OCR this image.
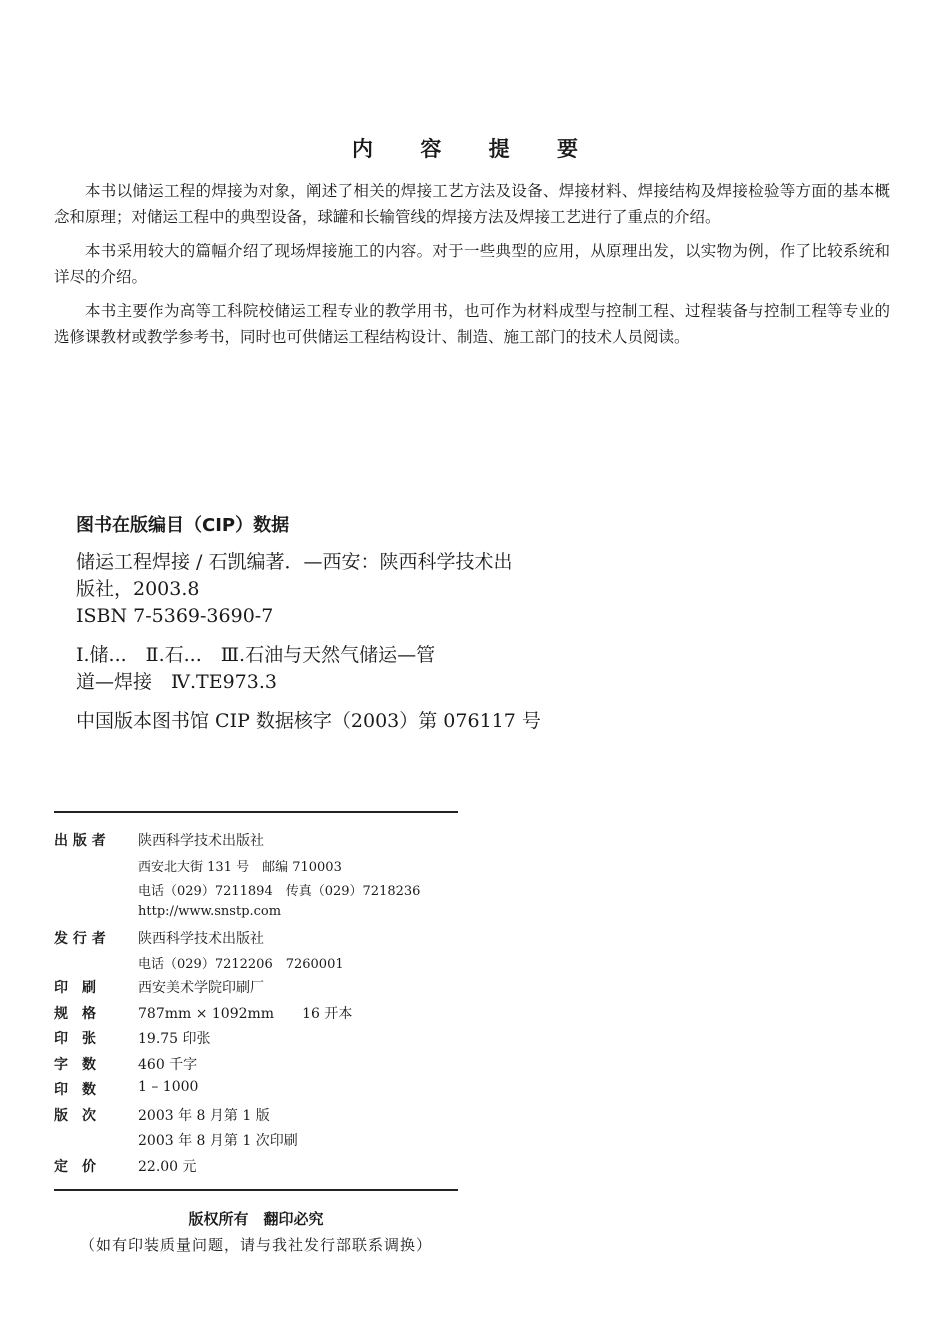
内 容 提 要

本书以储运工程的焊接为对象，阐述了相关的焊接工艺方法及设备、焊接材料、焊接结构及焊接检验等方面的基本概念和原理；对储运工程中的典型设备，球罐和长输管线的焊接方法及焊接工艺进行了重点的介绍。

本书采用较大的篇幅介绍了现场焊接施工的内容。对于一些典型的应用，从原理出发，以实物为例，作了比较系统和详尽的介绍。

本书主要作为高等工科院校储运工程专业的教学用书，也可作为材料成型与控制工程、过程装备与控制工程等专业的选修课教材或教学参考书，同时也可供储运工程结构设计、制造、施工部门的技术人员阅读。

图书在版编目（CIP）数据
储运工程焊接 / 石凯编著．—西安：陕西科学技术出
版社，2003.8
ISBN 7-5369-3690-7
Ⅰ.储...　Ⅱ.石...　Ⅲ.石油与天然气储运—管
道—焊接　Ⅳ.TE973.3
中国版本图书馆 CIP 数据核字（2003）第 076117 号
出 版 者	陕西科学技术出版社
西安北大街 131 号　邮编 710003
电话（029）7211894　传真（029）7218236
http://www.snstp.com
发 行 者	陕西科学技术出版社
电话（029）7212206　7260001
印　刷	西安美术学院印刷厂
规　格	787mm × 1092mm　　16 开本
印　张	19.75 印张
字　数	460 千字
印　数	1 – 1000
版　次	2003 年 8 月第 1 版
2003 年 8 月第 1 次印刷
定　价	22.00 元
版权所有　翻印必究
（如有印装质量问题，请与我社发行部联系调换）
